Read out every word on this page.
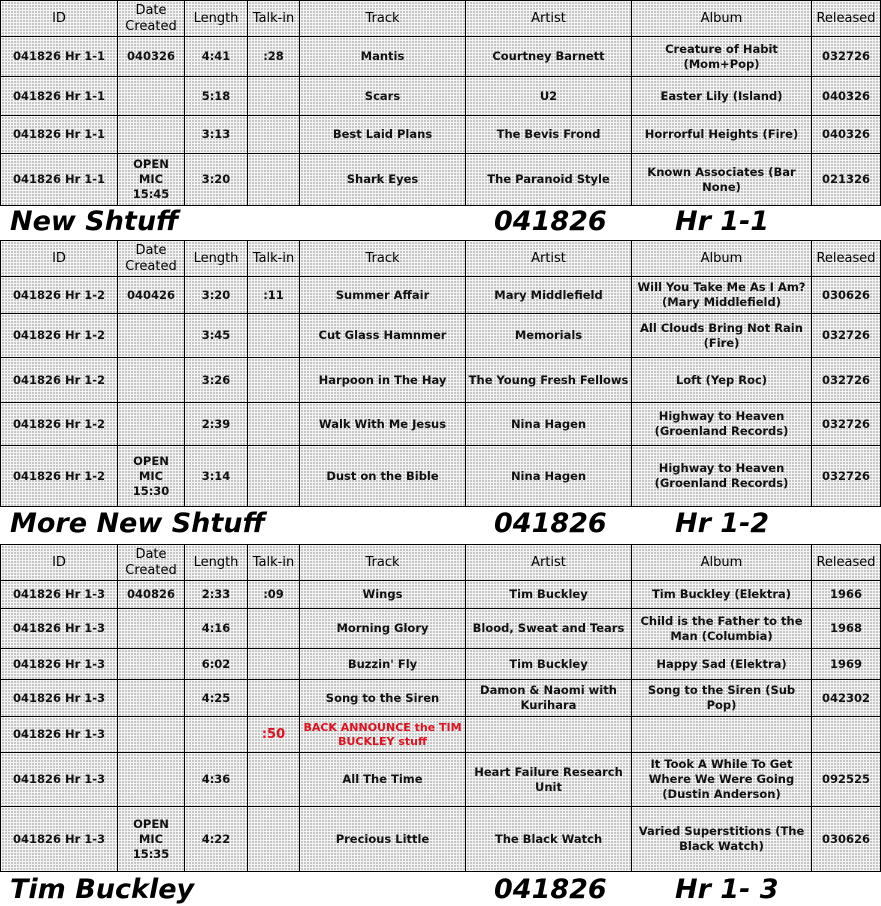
ID	Date Created	Length	Talk-in	Track	Artist	Album	Released
041826 Hr 1-1	040326	4:41	:28	Mantis	Courtney Barnett	Creature of Habit (Mom+Pop)	032726
041826 Hr 1-1		5:18		Scars	U2	Easter Lily (Island)	040326
041826 Hr 1-1		3:13		Best Laid Plans	The Bevis Frond	Horrorful Heights (Fire)	040326
041826 Hr 1-1	OPEN MIC 15:45	3:20		Shark Eyes	The Paranoid Style	Known Associates (Bar None)	021326
New Shtuff	041826	Hr 1-1
ID	Date Created	Length	Talk-in	Track	Artist	Album	Released
041826 Hr 1-2	040426	3:20	:11	Summer Affair	Mary Middlefield	Will You Take Me As I Am? (Mary Middlefield)	030626
041826 Hr 1-2		3:45		Cut Glass Hamnmer	Memorials	All Clouds Bring Not Rain (Fire)	032726
041826 Hr 1-2		3:26		Harpoon in The Hay	The Young Fresh Fellows	Loft (Yep Roc)	032726
041826 Hr 1-2		2:39		Walk With Me Jesus	Nina Hagen	Highway to Heaven (Groenland Records)	032726
041826 Hr 1-2	OPEN MIC 15:30	3:14		Dust on the Bible	Nina Hagen	Highway to Heaven (Groenland Records)	032726
More New Shtuff	041826	Hr 1-2
ID	Date Created	Length	Talk-in	Track	Artist	Album	Released
041826 Hr 1-3	040826	2:33	:09	Wings	Tim Buckley	Tim Buckley (Elektra)	1966
041826 Hr 1-3		4:16		Morning Glory	Blood, Sweat and Tears	Child is the Father to the Man (Columbia)	1968
041826 Hr 1-3		6:02		Buzzin' Fly	Tim Buckley	Happy Sad (Elektra)	1969
041826 Hr 1-3		4:25		Song to the Siren	Damon & Naomi with Kurihara	Song to the Siren (Sub Pop)	042302
041826 Hr 1-3			:50	BACK ANNOUNCE the TIM BUCKLEY stuff			
041826 Hr 1-3		4:36		All The Time	Heart Failure Research Unit	It Took A While To Get Where We Were Going (Dustin Anderson)	092525
041826 Hr 1-3	OPEN MIC 15:35	4:22		Precious Little	The Black Watch	Varied Superstitions (The Black Watch)	030626
Tim Buckley	041826	Hr 1- 3
